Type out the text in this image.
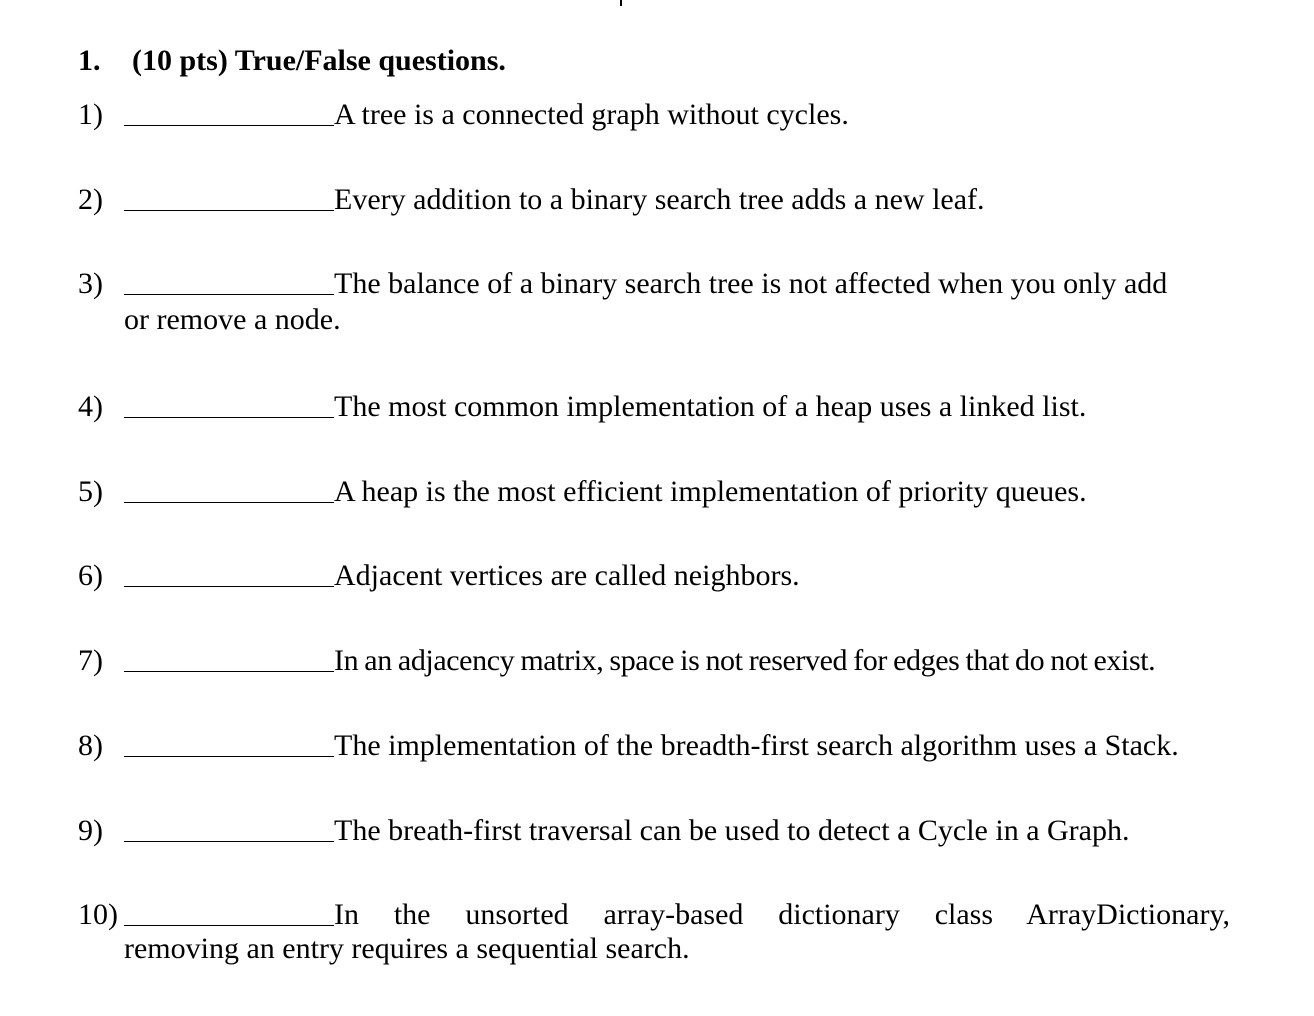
1. (10 pts) True/False questions.
1)	A tree is a connected graph without cycles.
2)	Every addition to a binary search tree adds a new leaf.
3)	The balance of a binary search tree is not affected when you only add
or remove a node.
4)	The most common implementation of a heap uses a linked list.
5)	A heap is the most efficient implementation of priority queues.
6)	Adjacent vertices are called neighbors.
7)	In an adjacency matrix, space is not reserved for edges that do not exist.
8)	The implementation of the breadth-first search algorithm uses a Stack.
9)	The breath-first traversal can be used to detect a Cycle in a Graph.
10)	In the unsorted array-based dictionary class ArrayDictionary,
removing an entry requires a sequential search.
